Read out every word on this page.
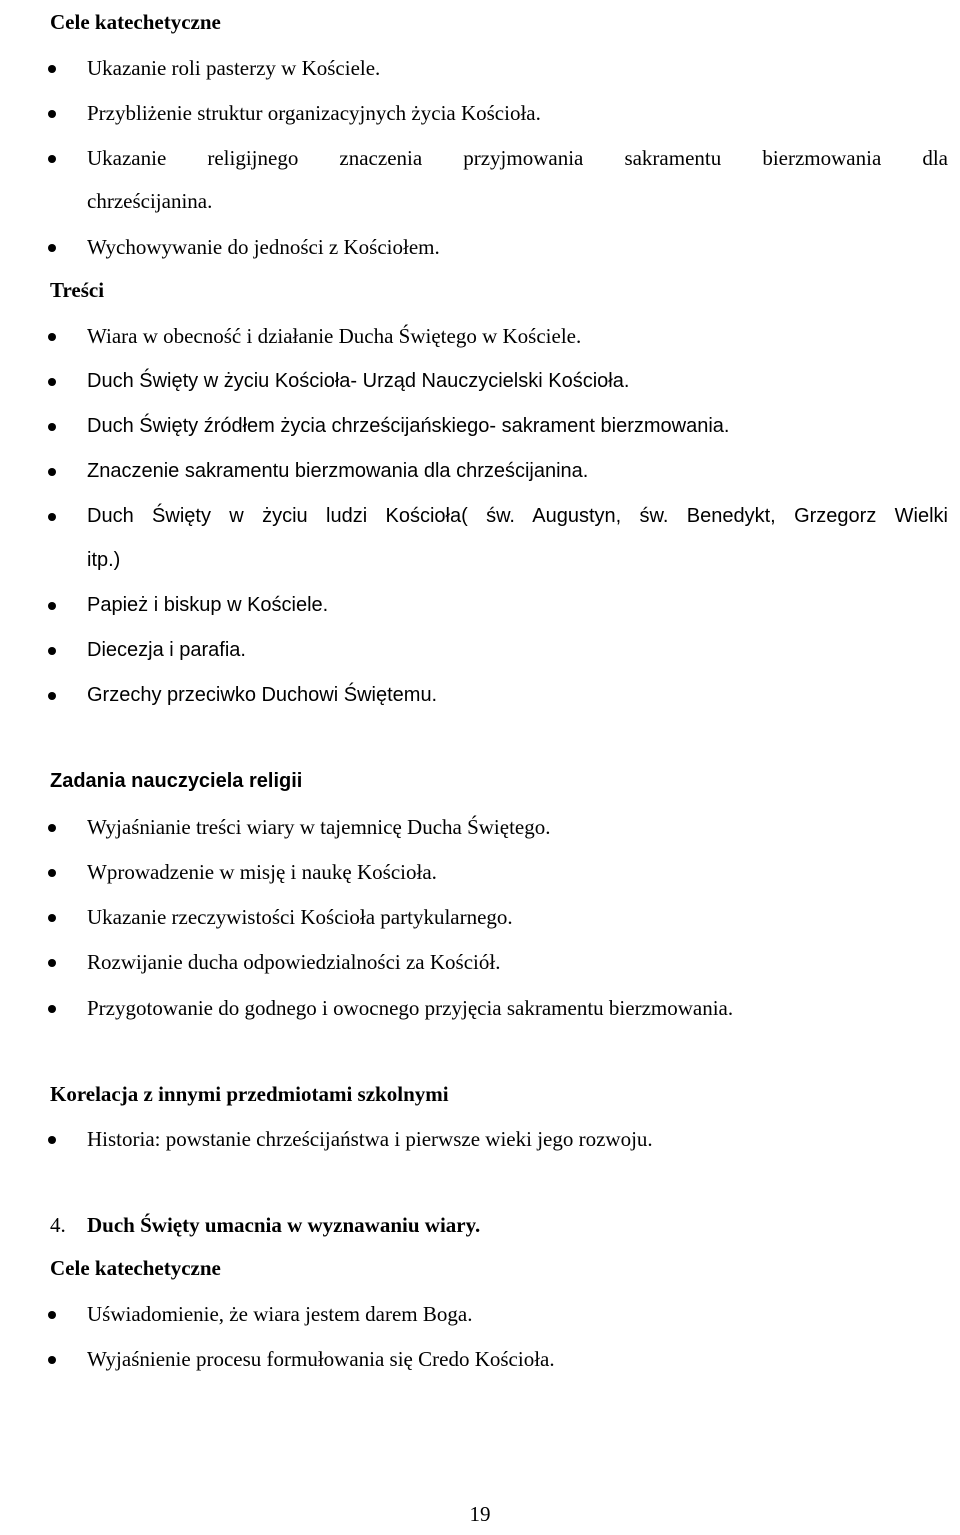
Cele katechetyczne
Ukazanie roli pasterzy w Kościele.
Przybliżenie struktur organizacyjnych życia Kościoła.
Ukazanie religijnego znaczenia przyjmowania sakramentu bierzmowania dla
chrześcijanina.
Wychowywanie do jedności z Kościołem.
Treści
Wiara w obecność i działanie Ducha Świętego w Kościele.
Duch Święty w życiu Kościoła- Urząd Nauczycielski Kościoła.
Duch Święty źródłem życia chrześcijańskiego- sakrament bierzmowania.
Znaczenie sakramentu bierzmowania dla chrześcijanina.
Duch Święty w życiu ludzi Kościoła( św. Augustyn, św. Benedykt, Grzegorz Wielki
itp.)
Papież i biskup w Kościele.
Diecezja i parafia.
Grzechy przeciwko Duchowi Świętemu.
Zadania nauczyciela religii
Wyjaśnianie treści wiary w tajemnicę Ducha Świętego.
Wprowadzenie w misję i naukę Kościoła.
Ukazanie rzeczywistości Kościoła partykularnego.
Rozwijanie ducha odpowiedzialności za Kościół.
Przygotowanie do godnego i owocnego przyjęcia sakramentu bierzmowania.
Korelacja z innymi przedmiotami szkolnymi
Historia: powstanie chrześcijaństwa i pierwsze wieki jego rozwoju.
4. Duch Święty umacnia w wyznawaniu wiary.
Cele katechetyczne
Uświadomienie, że wiara jestem darem Boga.
Wyjaśnienie procesu formułowania się Credo Kościoła.
19
